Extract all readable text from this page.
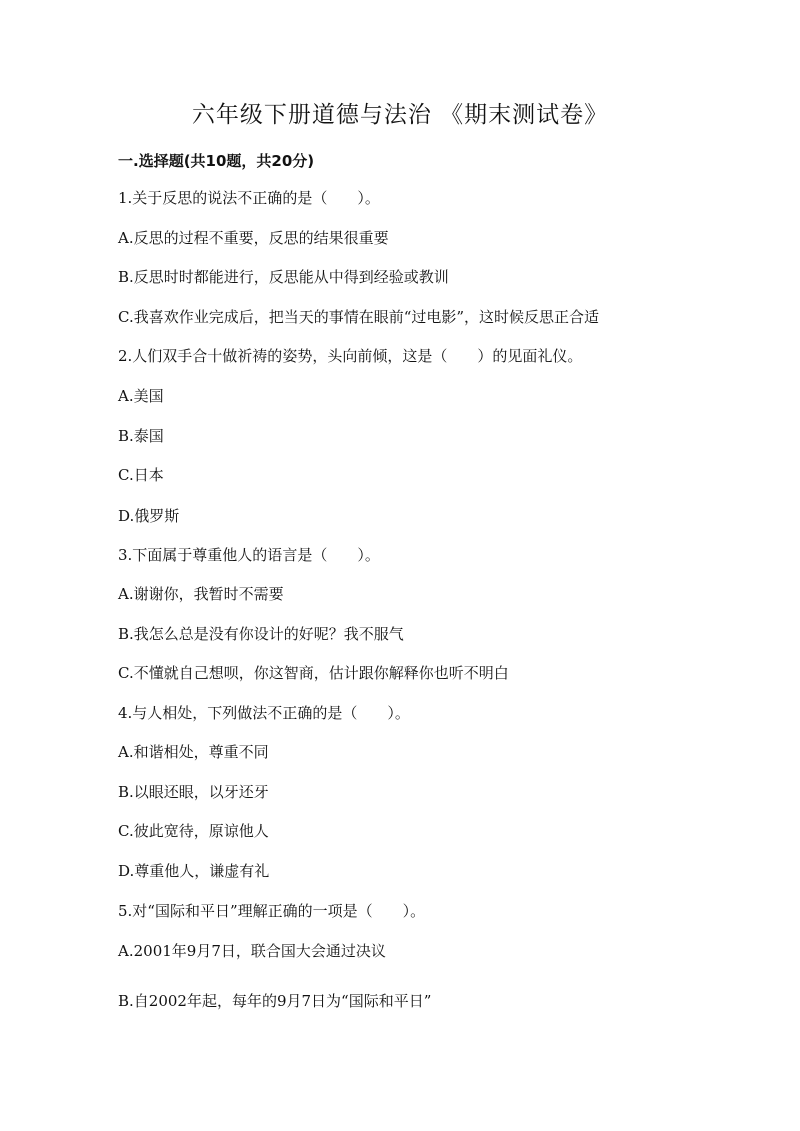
六年级下册道德与法治 《期末测试卷》
一.选择题(共10题，共20分)
1.关于反思的说法不正确的是（　　）。
A.反思的过程不重要，反思的结果很重要
B.反思时时都能进行，反思能从中得到经验或教训
C.我喜欢作业完成后，把当天的事情在眼前“过电影”，这时候反思正合适
2.人们双手合十做祈祷的姿势，头向前倾，这是（　　）的见面礼仪。
A.美国
B.泰国
C.日本
D.俄罗斯
3.下面属于尊重他人的语言是（　　）。
A.谢谢你，我暂时不需要
B.我怎么总是没有你设计的好呢？我不服气
C.不懂就自己想呗，你这智商，估计跟你解释你也听不明白
4.与人相处，下列做法不正确的是（　　）。
A.和谐相处，尊重不同
B.以眼还眼，以牙还牙
C.彼此宽待，原谅他人
D.尊重他人，谦虚有礼
5.对“国际和平日”理解正确的一项是（　　）。
A.2001年9月7日，联合国大会通过决议
B.自2002年起，每年的9月7日为“国际和平日”
